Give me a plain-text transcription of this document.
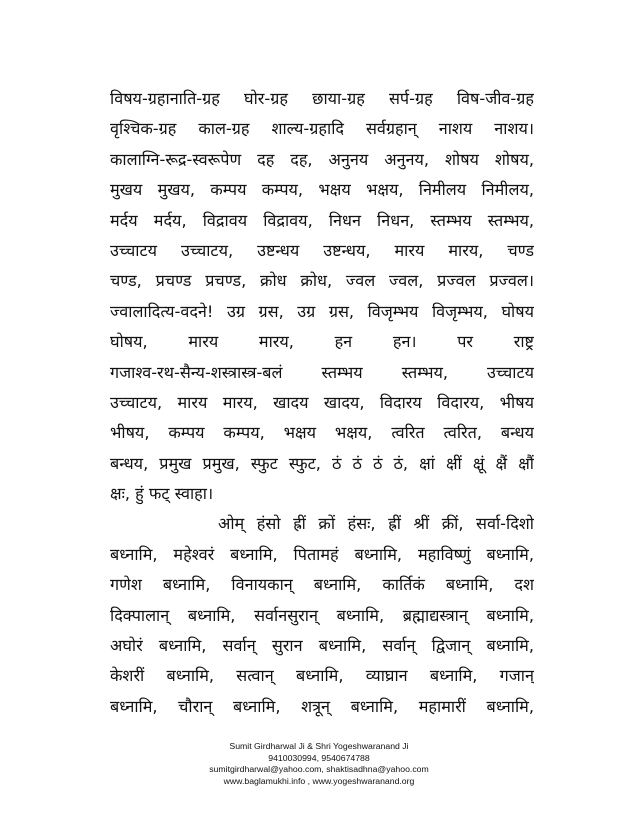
विषय-ग्रहानाति-ग्रह घोर-ग्रह छाया-ग्रह सर्प-ग्रह विष-जीव-ग्रह
वृश्चिक-ग्रह काल-ग्रह शाल्य-ग्रहादि सर्वग्रहान् नाशय नाशय।
कालाग्नि-रूद्र-स्वरूपेण दह दह, अनुनय अनुनय, शोषय शोषय,
मुखय मुखय, कम्पय कम्पय, भक्षय भक्षय, निमीलय निमीलय,
मर्दय मर्दय, विद्रावय विद्रावय, निधन निधन, स्तम्भय स्तम्भय,
उच्चाटय उच्चाटय, उष्टन्धय उष्टन्धय, मारय मारय, चण्ड
चण्ड, प्रचण्ड प्रचण्ड, क्रोध क्रोध, ज्वल ज्वल, प्रज्वल प्रज्वल।
ज्वालादित्य-वदने! उग्र ग्रस, उग्र ग्रस, विजृम्भय विजृम्भय, घोषय
घोषय, मारय मारय, हन हन। पर राष्ट्र
गजाश्व-रथ-सैन्य-शस्त्रास्त्र-बलं स्तम्भय स्तम्भय, उच्चाटय
उच्चाटय, मारय मारय, खादय खादय, विदारय विदारय, भीषय
भीषय, कम्पय कम्पय, भक्षय भक्षय, त्वरित त्वरित, बन्धय
बन्धय, प्रमुख प्रमुख, स्फुट स्फुट, ठं ठं ठं ठं, क्षां क्षीं क्षूं क्षैं क्षौं
क्षः, हुं फट् स्वाहा।
ओम् हंसो ह्रीं क्रों हंसः, ह्रीं श्रीं क्रीं, सर्वा-दिशो
बध्नामि, महेश्वरं बध्नामि, पितामहं बध्नामि, महाविष्णुं बध्नामि,
गणेश बध्नामि, विनायकान् बध्नामि, कार्तिकं बध्नामि, दश
दिक्पालान् बध्नामि, सर्वानसुरान् बध्नामि, ब्रह्माद्यस्त्रान् बध्नामि,
अघोरं बध्नामि, सर्वान् सुरान बध्नामि, सर्वान् द्विजान् बध्नामि,
केशरीं बध्नामि, सत्वान् बध्नामि, व्याघ्रान बध्नामि, गजान्
बध्नामि, चौरान् बध्नामि, शत्रून् बध्नामि, महामारीं बध्नामि,
Sumit Girdharwal Ji & Shri Yogeshwaranand Ji
9410030994, 9540674788
sumitgirdharwal@yahoo.com, shaktisadhna@yahoo.com
www.baglamukhi.info , www.yogeshwaranand.org
